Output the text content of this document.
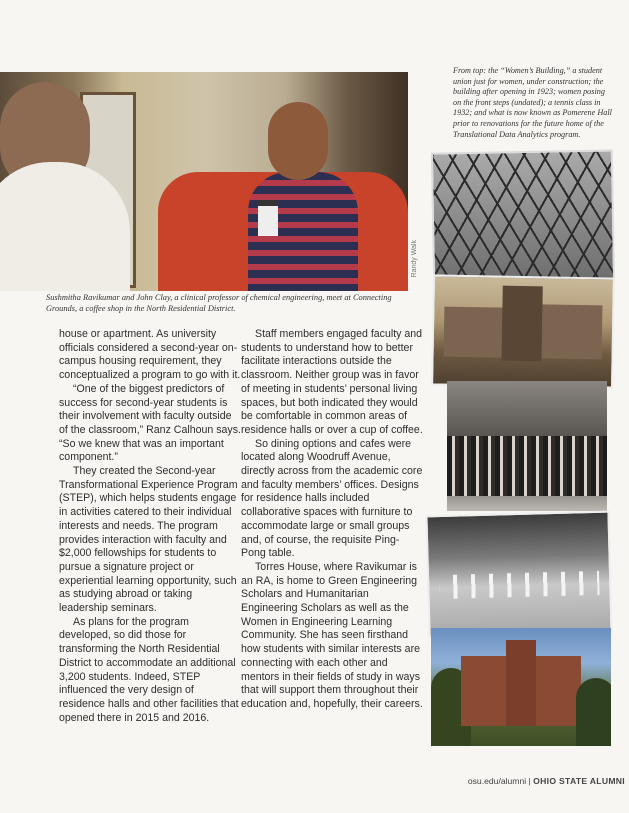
Randy Walk
Sushmitha Ravikumar and John Clay, a clinical professor of chemical engineering, meet at Connecting Grounds, a coffee shop in the North Residential District.
From top: the “Women’s Building,” a student union just for women, under construction; the building after opening in 1923; women posing on the front steps (undated); a tennis class in 1932; and what is now known as Pomerene Hall prior to renovations for the future home of the Translational Data Analytics program.

house or apartment. As university officials considered a second-year on-campus housing requirement, they conceptualized a program to go with it.

“One of the biggest predictors of success for second-year students is their involvement with faculty outside of the classroom,” Ranz Calhoun says. “So we knew that was an important component.”

They created the Second-year Transformational Experience Program (STEP), which helps students engage in activities catered to their individual interests and needs. The program provides interaction with faculty and $2,000 fellowships for students to pursue a signature project or experiential learning opportunity, such as studying abroad or taking leadership seminars.

As plans for the program developed, so did those for transforming the North Residential District to accommodate an additional 3,200 students. Indeed, STEP influenced the very design of residence halls and other facilities that opened there in 2015 and 2016.

Staff members engaged faculty and students to understand how to better facilitate interactions outside the classroom. Neither group was in favor of meeting in students’ personal living spaces, but both indicated they would be comfortable in common areas of residence halls or over a cup of coffee.

So dining options and cafes were located along Woodruff Avenue, directly across from the academic core and faculty members’ offices. Designs for residence halls included collaborative spaces with furniture to accommodate large or small groups and, of course, the requisite Ping-Pong table.

Torres House, where Ravikumar is an RA, is home to Green Engineering Scholars and Humanitarian Engineering Scholars as well as the Women in Engineering Learning Community. She has seen firsthand how students with similar interests are connecting with each other and mentors in their fields of study in ways that will support them throughout their education and, hopefully, their careers.

osu.edu/alumni | OHIO STATE ALUMNI
